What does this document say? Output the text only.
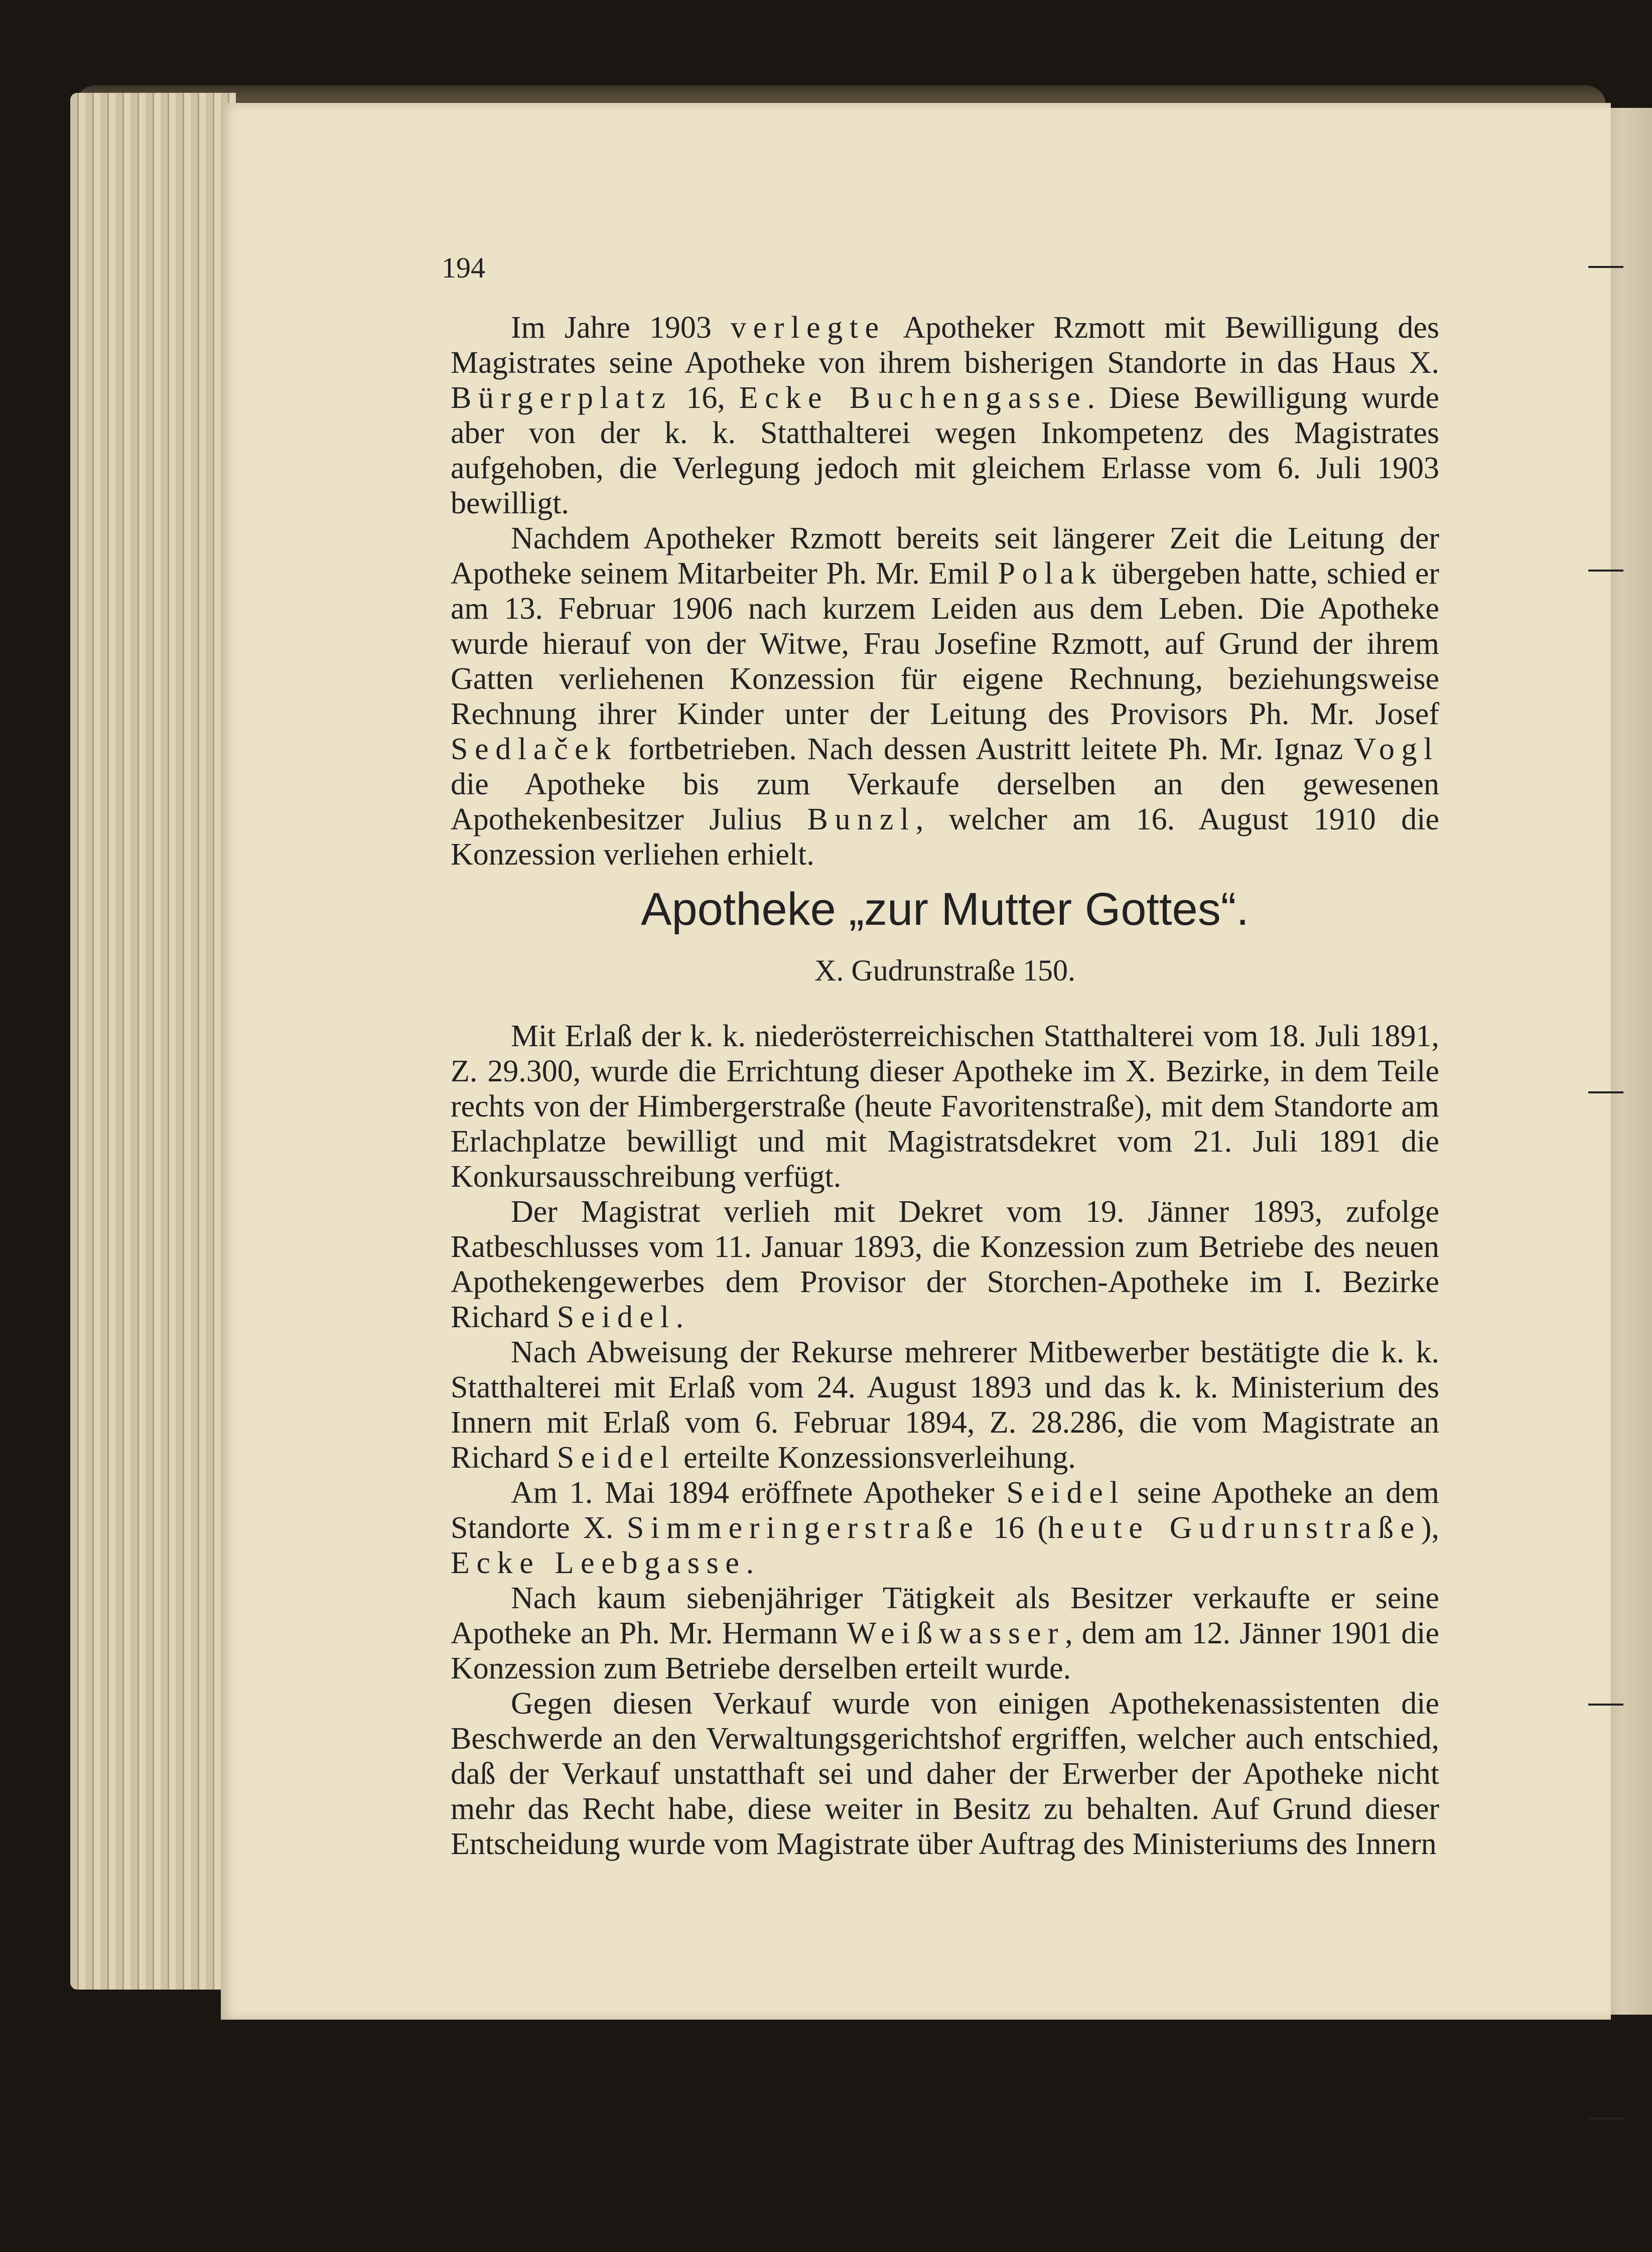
194

Im Jahre 1903 verlegte Apotheker Rzmott mit Bewilligung des Magistrates seine Apotheke von ihrem bisherigen Standorte in das Haus X. Bürgerplatz 16, Ecke Buchengasse. Diese Bewilligung wurde aber von der k. k. Statthalterei wegen Inkompetenz des Magistrates aufgehoben, die Verlegung jedoch mit gleichem Erlasse vom 6. Juli 1903 bewilligt.

Nachdem Apotheker Rzmott bereits seit längerer Zeit die Leitung der Apotheke seinem Mitarbeiter Ph. Mr. Emil Polak übergeben hatte, schied er am 13. Februar 1906 nach kurzem Leiden aus dem Leben. Die Apotheke wurde hierauf von der Witwe, Frau Josefine Rzmott, auf Grund der ihrem Gatten verliehenen Konzession für eigene Rechnung, beziehungsweise Rechnung ihrer Kinder unter der Leitung des Provisors Ph. Mr. Josef Sedlaček fortbetrieben. Nach dessen Austritt leitete Ph. Mr. Ignaz Vogl die Apotheke bis zum Verkaufe derselben an den gewesenen Apothekenbesitzer Julius Bunzl, welcher am 16. August 1910 die Konzession verliehen erhielt.

Apotheke „zur Mutter Gottes“.
X. Gudrunstraße 150.

Mit Erlaß der k. k. niederösterreichischen Statthalterei vom 18. Juli 1891, Z. 29.300, wurde die Errichtung dieser Apotheke im X. Bezirke, in dem Teile rechts von der Himbergerstraße (heute Favoritenstraße), mit dem Standorte am Erlachplatze bewilligt und mit Magistratsdekret vom 21. Juli 1891 die Konkursausschreibung verfügt.

Der Magistrat verlieh mit Dekret vom 19. Jänner 1893, zufolge Ratbeschlusses vom 11. Januar 1893, die Konzession zum Betriebe des neuen Apothekengewerbes dem Provisor der Storchen-Apotheke im I. Bezirke Richard Seidel.

Nach Abweisung der Rekurse mehrerer Mitbewerber bestätigte die k. k. Statthalterei mit Erlaß vom 24. August 1893 und das k. k. Ministerium des Innern mit Erlaß vom 6. Februar 1894, Z. 28.286, die vom Magistrate an Richard Seidel erteilte Konzessionsverleihung.

Am 1. Mai 1894 eröffnete Apotheker Seidel seine Apotheke an dem Standorte X. Simmeringerstraße 16 (heute Gudrunstraße), Ecke Leebgasse.

Nach kaum siebenjähriger Tätigkeit als Besitzer verkaufte er seine Apotheke an Ph. Mr. Hermann Weißwasser, dem am 12. Jänner 1901 die Konzession zum Betriebe derselben erteilt wurde.

Gegen diesen Verkauf wurde von einigen Apothekenassistenten die Beschwerde an den Verwaltungsgerichtshof ergriffen, welcher auch entschied, daß der Verkauf unstatthaft sei und daher der Erwerber der Apotheke nicht mehr das Recht habe, diese weiter in Besitz zu behalten. Auf Grund dieser Entscheidung wurde vom Magistrate über Auftrag des Ministeriums des Innern
